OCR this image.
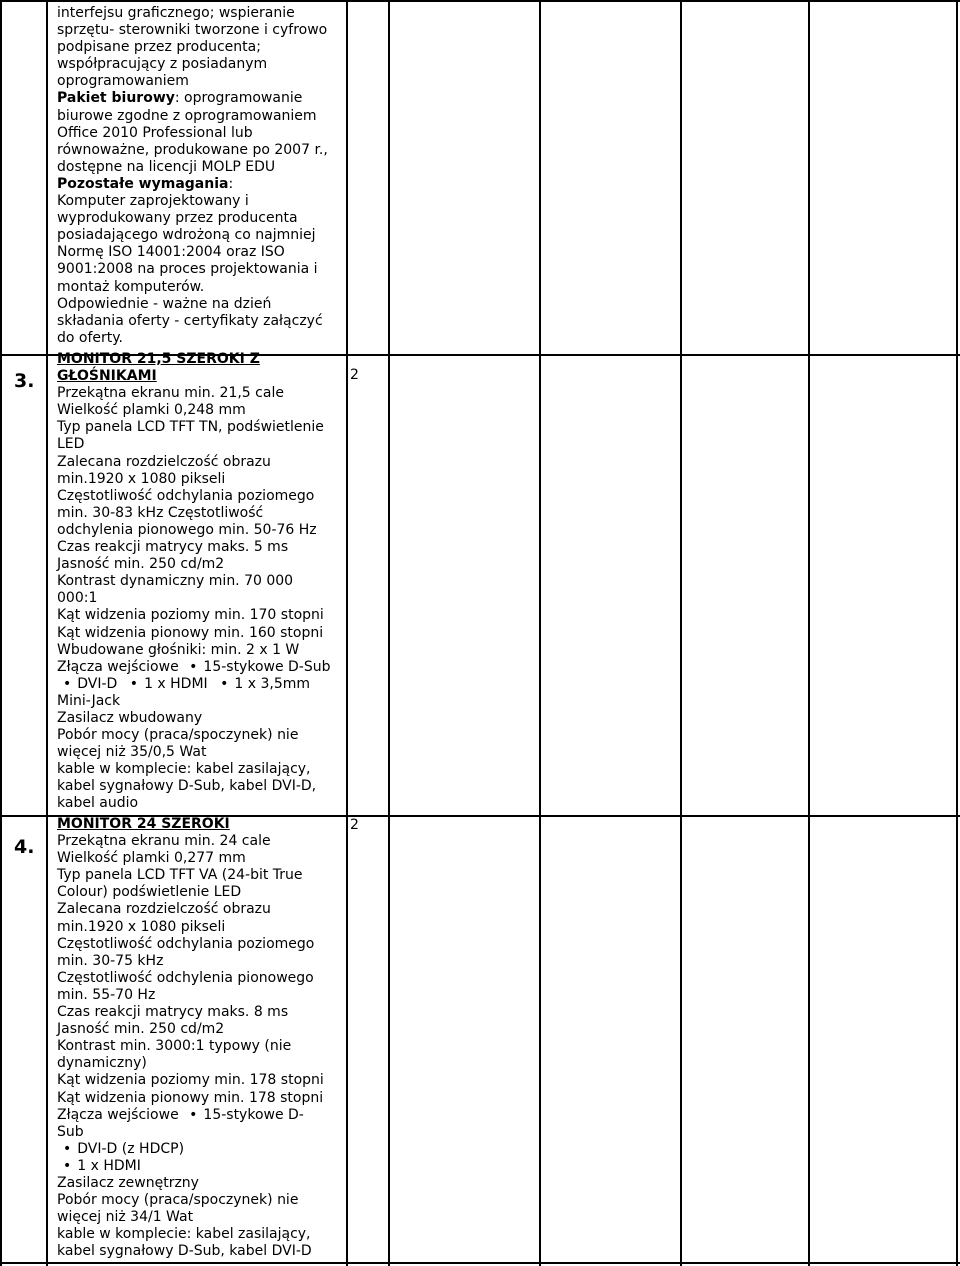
interfejsu graficznego; wspieranie
sprzętu- sterowniki tworzone i cyfrowo
podpisane przez producenta;
współpracujący z posiadanym
oprogramowaniem
Pakiet biurowy: oprogramowanie
biurowe zgodne z oprogramowaniem
Office 2010 Professional lub
równoważne, produkowane po 2007 r.,
dostępne na licencji MOLP EDU
Pozostałe wymagania:
Komputer zaprojektowany i
wyprodukowany przez producenta
posiadającego wdrożoną co najmniej
Normę ISO 14001:2004 oraz ISO
9001:2008 na proces projektowania i
montaż komputerów.
Odpowiednie - ważne na dzień
składania oferty - certyfikaty załączyć
do oferty.
3.	2
MONITOR 21,5 SZEROKI Z
GŁOŚNIKAMI
Przekątna ekranu min. 21,5 cale
Wielkość plamki 0,248 mm
Typ panela LCD TFT TN, podświetlenie
LED
Zalecana rozdzielczość obrazu
min.1920 x 1080 pikseli
Częstotliwość odchylania poziomego
min. 30-83 kHz Częstotliwość
odchylenia pionowego min. 50-76 Hz
Czas reakcji matrycy maks. 5 ms
Jasność min. 250 cd/m2
Kontrast dynamiczny min. 70 000
000:1
Kąt widzenia poziomy min. 170 stopni
Kąt widzenia pionowy min. 160 stopni
Wbudowane głośniki: min. 2 x 1 W
Złącza wejściowe • 15-stykowe D-Sub
• DVI-D • 1 x HDMI • 1 x 3,5mm
Mini-Jack
Zasilacz wbudowany
Pobór mocy (praca/spoczynek) nie
więcej niż 35/0,5 Wat
kable w komplecie: kabel zasilający,
kabel sygnałowy D-Sub, kabel DVI-D,
kabel audio
4.
2
MONITOR 24 SZEROKI
Przekątna ekranu min. 24 cale
Wielkość plamki 0,277 mm
Typ panela LCD TFT VA (24-bit True
Colour) podświetlenie LED
Zalecana rozdzielczość obrazu
min.1920 x 1080 pikseli
Częstotliwość odchylania poziomego
min. 30-75 kHz
Częstotliwość odchylenia pionowego
min. 55-70 Hz
Czas reakcji matrycy maks. 8 ms
Jasność min. 250 cd/m2
Kontrast min. 3000:1 typowy (nie
dynamiczny)
Kąt widzenia poziomy min. 178 stopni
Kąt widzenia pionowy min. 178 stopni
Złącza wejściowe • 15-stykowe D-
Sub
• DVI-D (z HDCP)
• 1 x HDMI
Zasilacz zewnętrzny
Pobór mocy (praca/spoczynek) nie
więcej niż 34/1 Wat
kable w komplecie: kabel zasilający,
kabel sygnałowy D-Sub, kabel DVI-D
